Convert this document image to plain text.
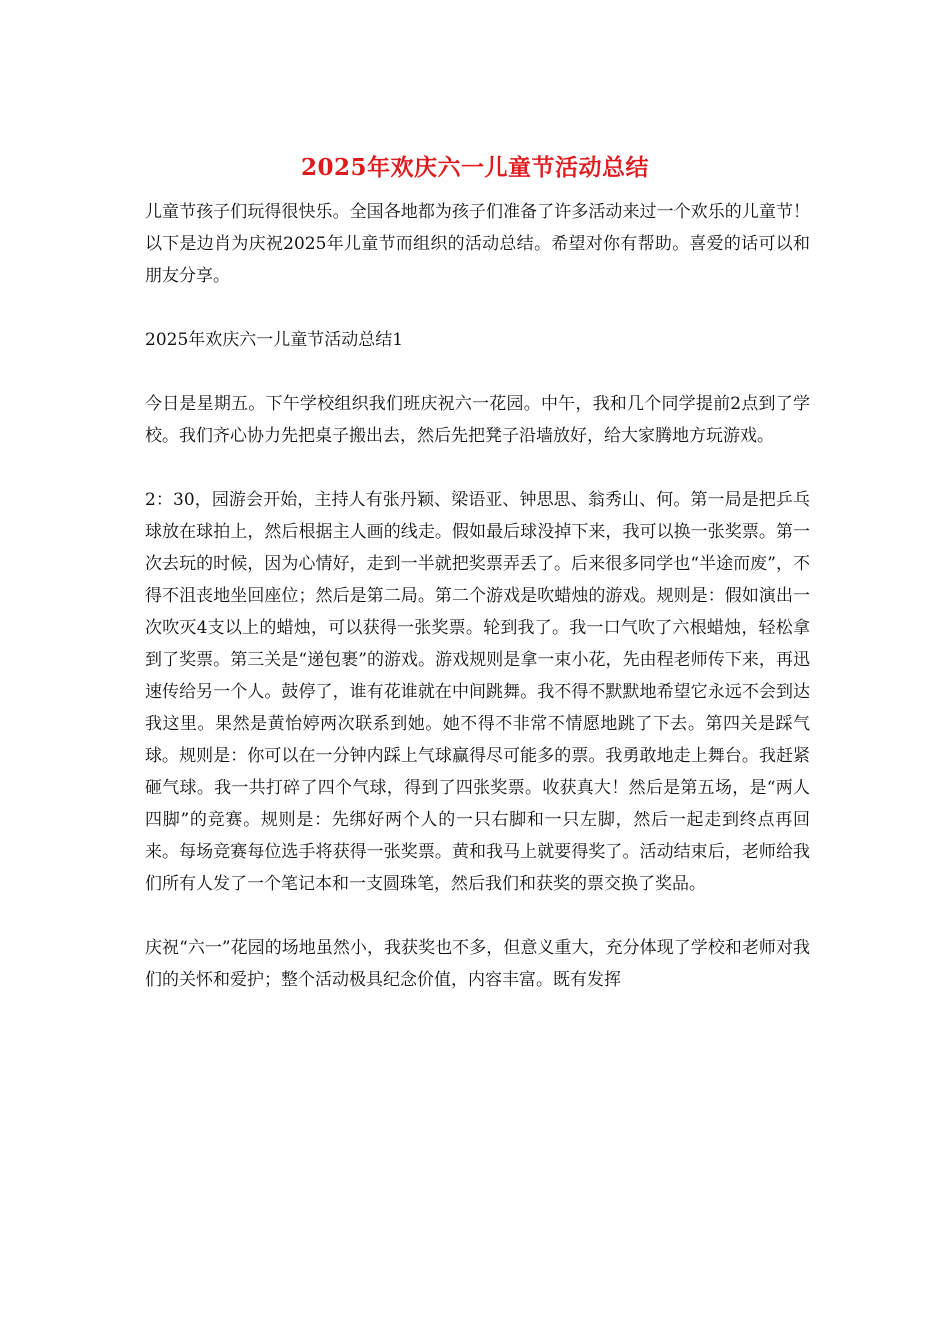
2025年欢庆六一儿童节活动总结

儿童节孩子们玩得很快乐。全国各地都为孩子们准备了许多活动来过一个欢乐的儿童节！以下是边肖为庆祝2025年儿童节而组织的活动总结。希望对你有帮助。喜爱的话可以和朋友分享。

2025年欢庆六一儿童节活动总结1

今日是星期五。下午学校组织我们班庆祝六一花园。中午，我和几个同学提前2点到了学校。我们齐心协力先把桌子搬出去，然后先把凳子沿墙放好，给大家腾地方玩游戏。

2：30，园游会开始，主持人有张丹颖、梁语亚、钟思思、翁秀山、何。第一局是把乒乓球放在球拍上，然后根据主人画的线走。假如最后球没掉下来，我可以换一张奖票。第一次去玩的时候，因为心情好，走到一半就把奖票弄丢了。后来很多同学也“半途而废”，不得不沮丧地坐回座位；然后是第二局。第二个游戏是吹蜡烛的游戏。规则是：假如演出一次吹灭4支以上的蜡烛，可以获得一张奖票。轮到我了。我一口气吹了六根蜡烛，轻松拿到了奖票。第三关是“递包裹”的游戏。游戏规则是拿一束小花，先由程老师传下来，再迅速传给另一个人。鼓停了，谁有花谁就在中间跳舞。我不得不默默地希望它永远不会到达我这里。果然是黄怡婷两次联系到她。她不得不非常不情愿地跳了下去。第四关是踩气球。规则是：你可以在一分钟内踩上气球赢得尽可能多的票。我勇敢地走上舞台。我赶紧砸气球。我一共打碎了四个气球，得到了四张奖票。收获真大！然后是第五场，是“两人四脚”的竞赛。规则是：先绑好两个人的一只右脚和一只左脚，然后一起走到终点再回来。每场竞赛每位选手将获得一张奖票。黄和我马上就要得奖了。活动结束后，老师给我们所有人发了一个笔记本和一支圆珠笔，然后我们和获奖的票交换了奖品。

庆祝“六一”花园的场地虽然小，我获奖也不多，但意义重大，充分体现了学校和老师对我们的关怀和爱护；整个活动极具纪念价值，内容丰富。既有发挥
